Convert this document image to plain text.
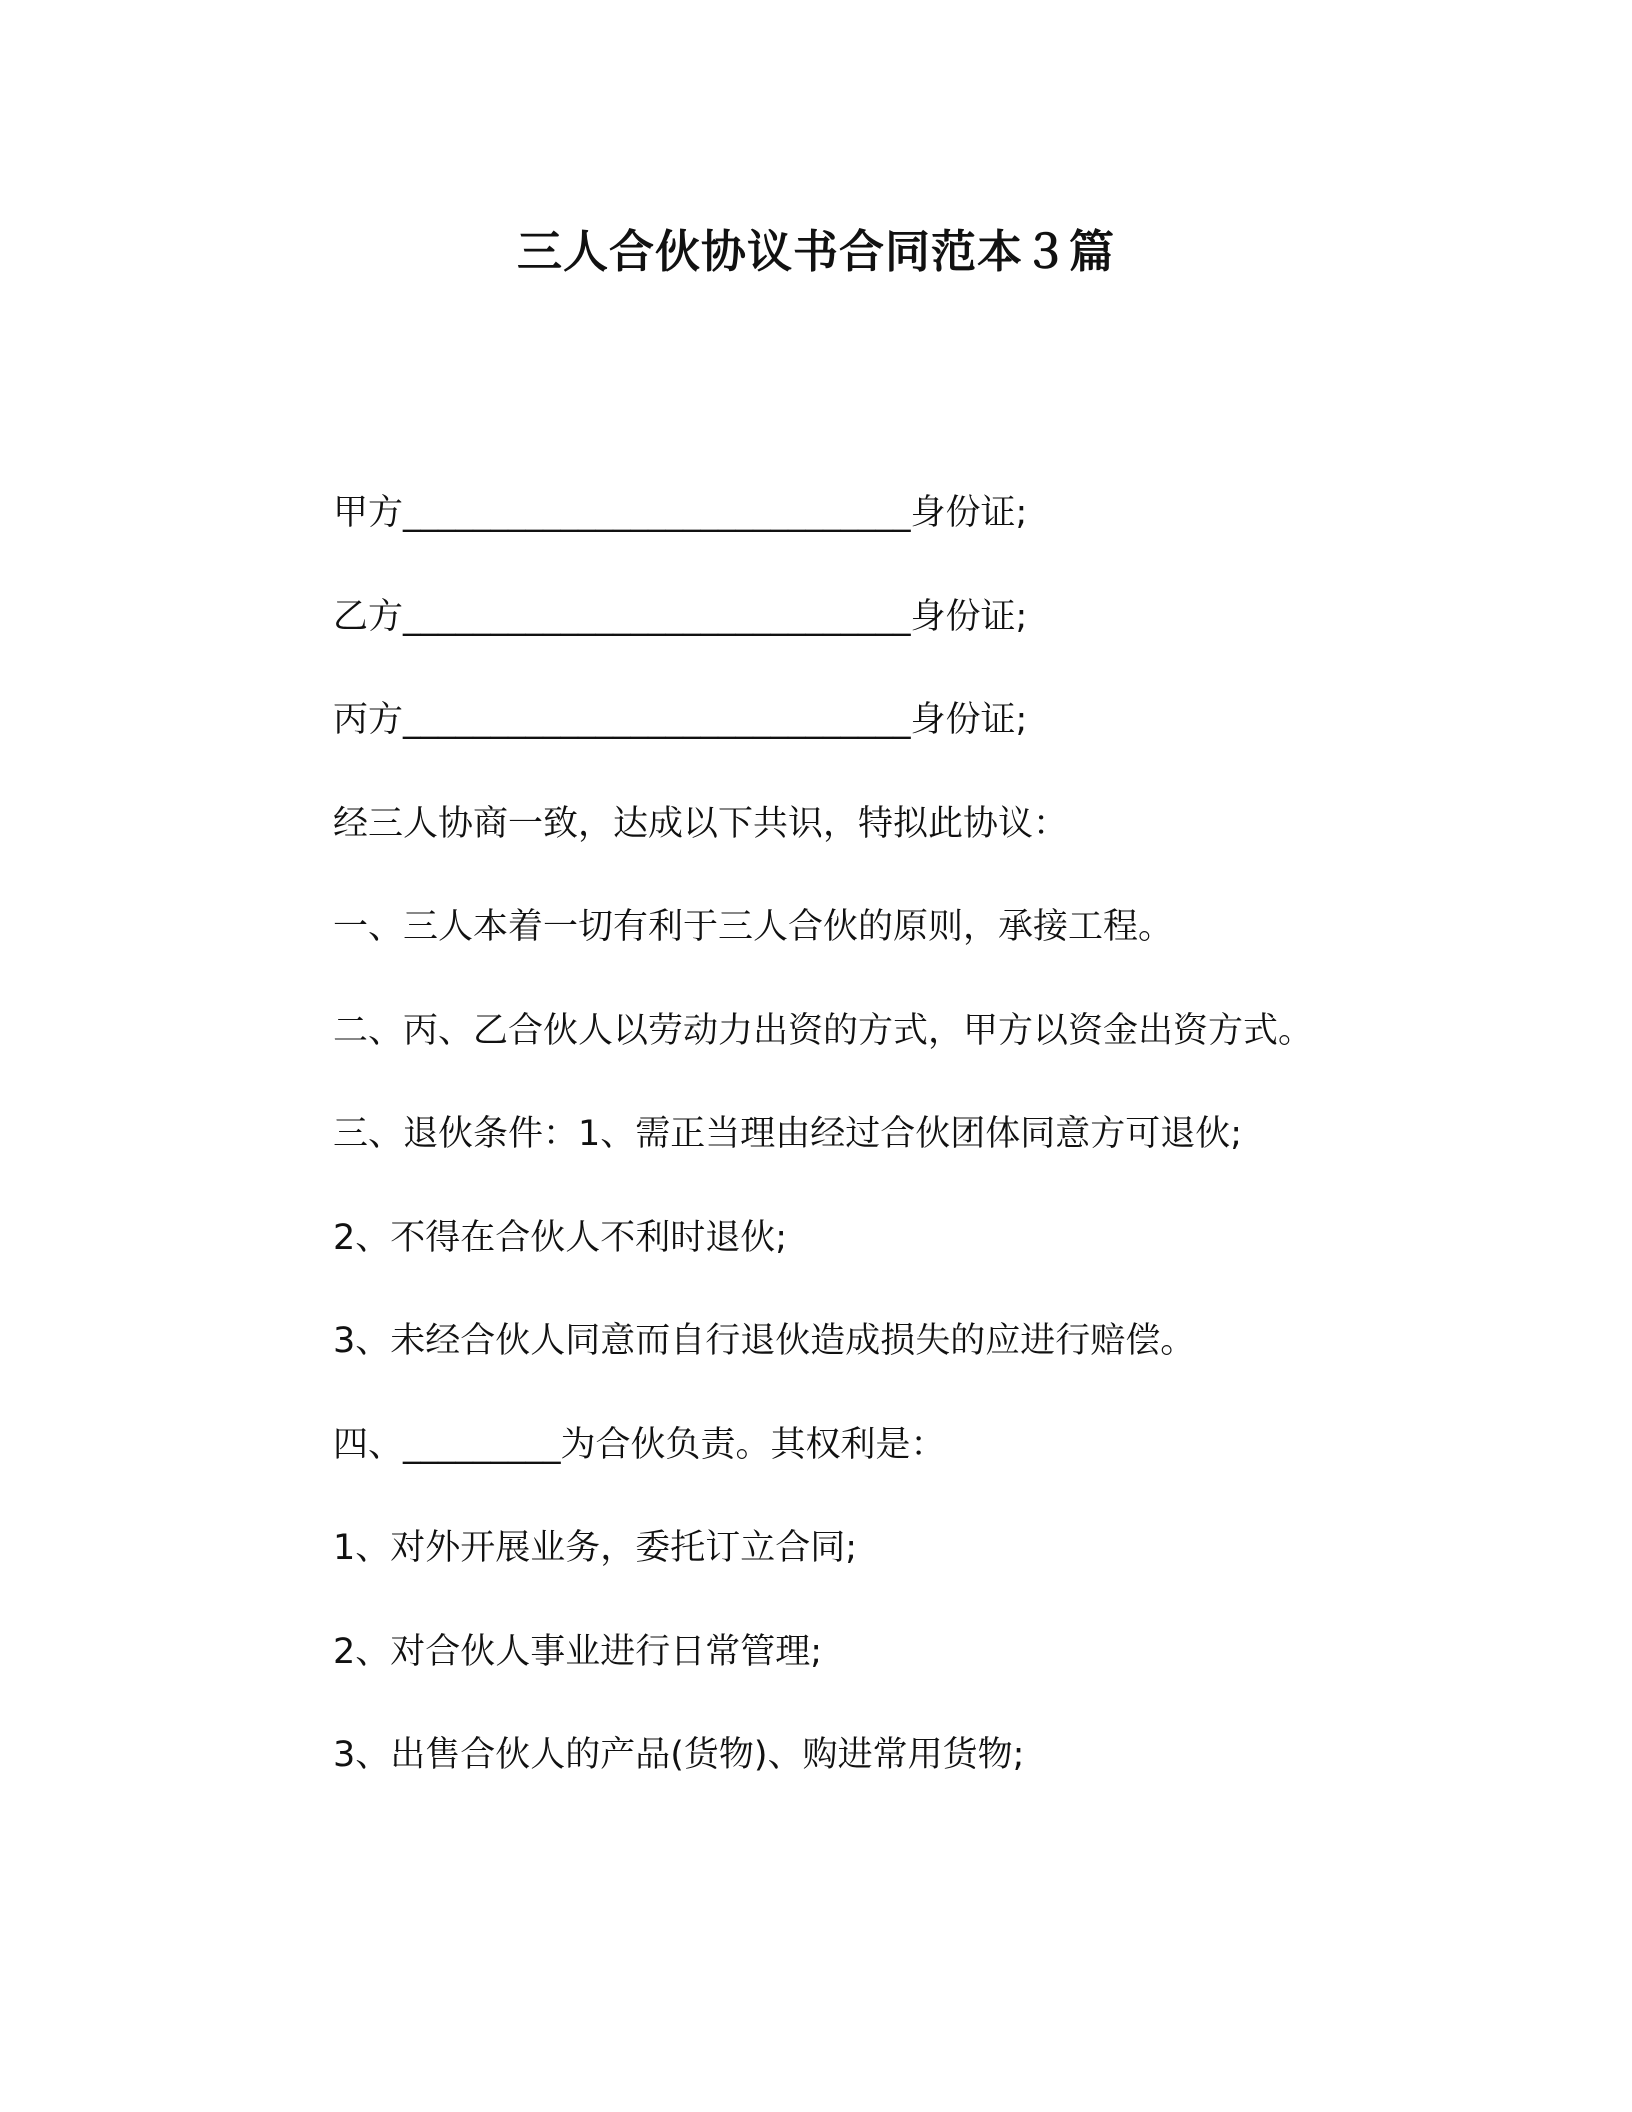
三人合伙协议书合同范本３篇
甲方_____________________________身份证;
乙方_____________________________身份证;
丙方_____________________________身份证;
经三人协商一致，达成以下共识，特拟此协议：
一、三人本着一切有利于三人合伙的原则，承接工程。
二、丙、乙合伙人以劳动力出资的方式，甲方以资金出资方式。
三、退伙条件：1、需正当理由经过合伙团体同意方可退伙;
2、不得在合伙人不利时退伙;
3、未经合伙人同意而自行退伙造成损失的应进行赔偿。
四、_________为合伙负责。其权利是：
1、对外开展业务，委托订立合同;
2、对合伙人事业进行日常管理;
3、出售合伙人的产品(货物)、购进常用货物;
